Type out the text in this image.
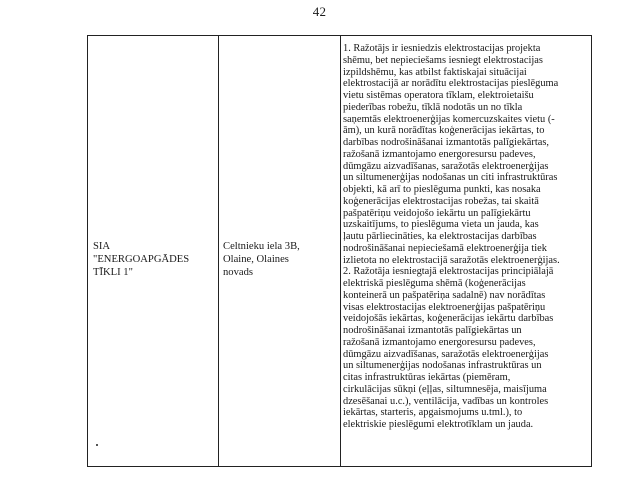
42
SIA
"ENERGOAPGĀDES
TĪKLI 1"
Celtnieku iela 3B,
Olaine, Olaines
novads
1. Ražotājs ir iesniedzis elektrostacijas projekta
shēmu, bet nepieciešams iesniegt elektrostacijas
izpildshēmu, kas atbilst faktiskajai situācijai
elektrostacijā ar norādītu elektrostacijas pieslēguma
vietu sistēmas operatora tīklam, elektroietaišu
piederības robežu, tīklā nodotās un no tīkla
saņemtās elektroenerģijas komercuzskaites vietu (-
ām), un kurā norādītas koģenerācijas iekārtas, to
darbības nodrošināšanai izmantotās palīgiekārtas,
ražošanā izmantojamo energoresursu padeves,
dūmgāzu aizvadīšanas, saražotās elektroenerģijas
un siltumenerģijas nodošanas un citi infrastruktūras
objekti, kā arī to pieslēguma punkti, kas nosaka
koģenerācijas elektrostacijas robežas, tai skaitā
pašpatēriņu veidojošo iekārtu un palīgiekārtu
uzskaitījums, to pieslēguma vieta un jauda, kas
ļautu pārliecināties, ka elektrostacijas darbības
nodrošināšanai nepieciešamā elektroenerģija tiek
izlietota no elektrostacijā saražotās elektroenerģijas.
2. Ražotāja iesniegtajā elektrostacijas principiālajā
elektriskā pieslēguma shēmā (koģenerācijas
konteinerā un pašpatēriņa sadalnē) nav norādītas
visas elektrostacijas elektroenerģijas pašpatēriņu
veidojošās iekārtas, koģenerācijas iekārtu darbības
nodrošināšanai izmantotās palīgiekārtas un
ražošanā izmantojamo energoresursu padeves,
dūmgāzu aizvadīšanas, saražotās elektroenerģijas
un siltumenerģijas nodošanas infrastruktūras un
citas infrastruktūras iekārtas (piemēram,
cirkulācijas sūkņi (eļļas, siltumnesēja, maisījuma
dzesēšanai u.c.), ventilācija, vadības un kontroles
iekārtas, starteris, apgaismojums u.tml.), to
elektriskie pieslēgumi elektrotīklam un jauda.
